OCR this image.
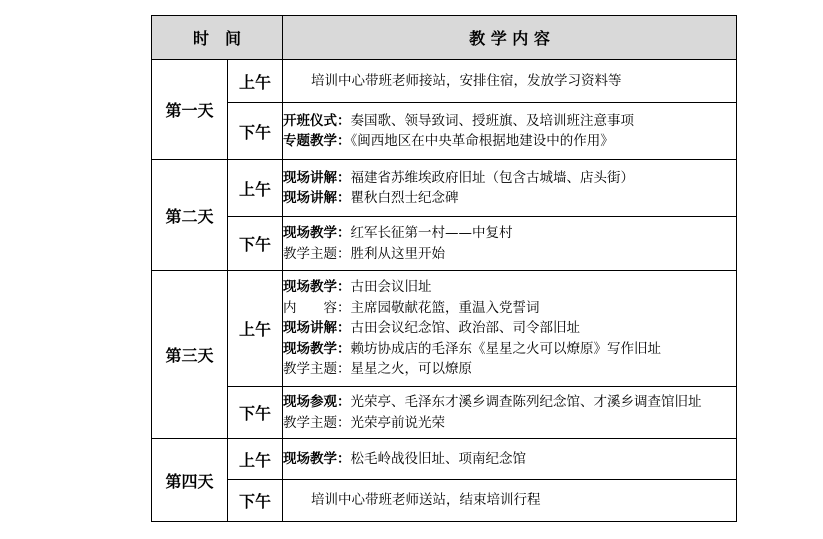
时　间		教 学 内 容
第一天	上午	培训中心带班老师接站，安排住宿，发放学习资料等

	下午	开班仪式：奏国歌、领导致词、授班旗、及培训班注意事项
专题教学：《闽西地区在中央革命根据地建设中的作用》

第二天	上午	现场讲解：福建省苏维埃政府旧址（包含古城墙、店头街）
现场讲解：瞿秋白烈士纪念碑

	下午	现场教学：红军长征第一村——中复村
教学主题：胜利从这里开始

第三天	上午	现场教学：古田会议旧址
内　　容：主席园敬献花篮，重温入党誓词
现场讲解：古田会议纪念馆、政治部、司令部旧址
现场教学：赖坊协成店的毛泽东《星星之火可以燎原》写作旧址
教学主题：星星之火，可以燎原

	下午	现场参观：光荣亭、毛泽东才溪乡调查陈列纪念馆、才溪乡调查馆旧址
教学主题：光荣亭前说光荣

第四天	上午	现场教学：松毛岭战役旧址、项南纪念馆

	下午	培训中心带班老师送站，结束培训行程
